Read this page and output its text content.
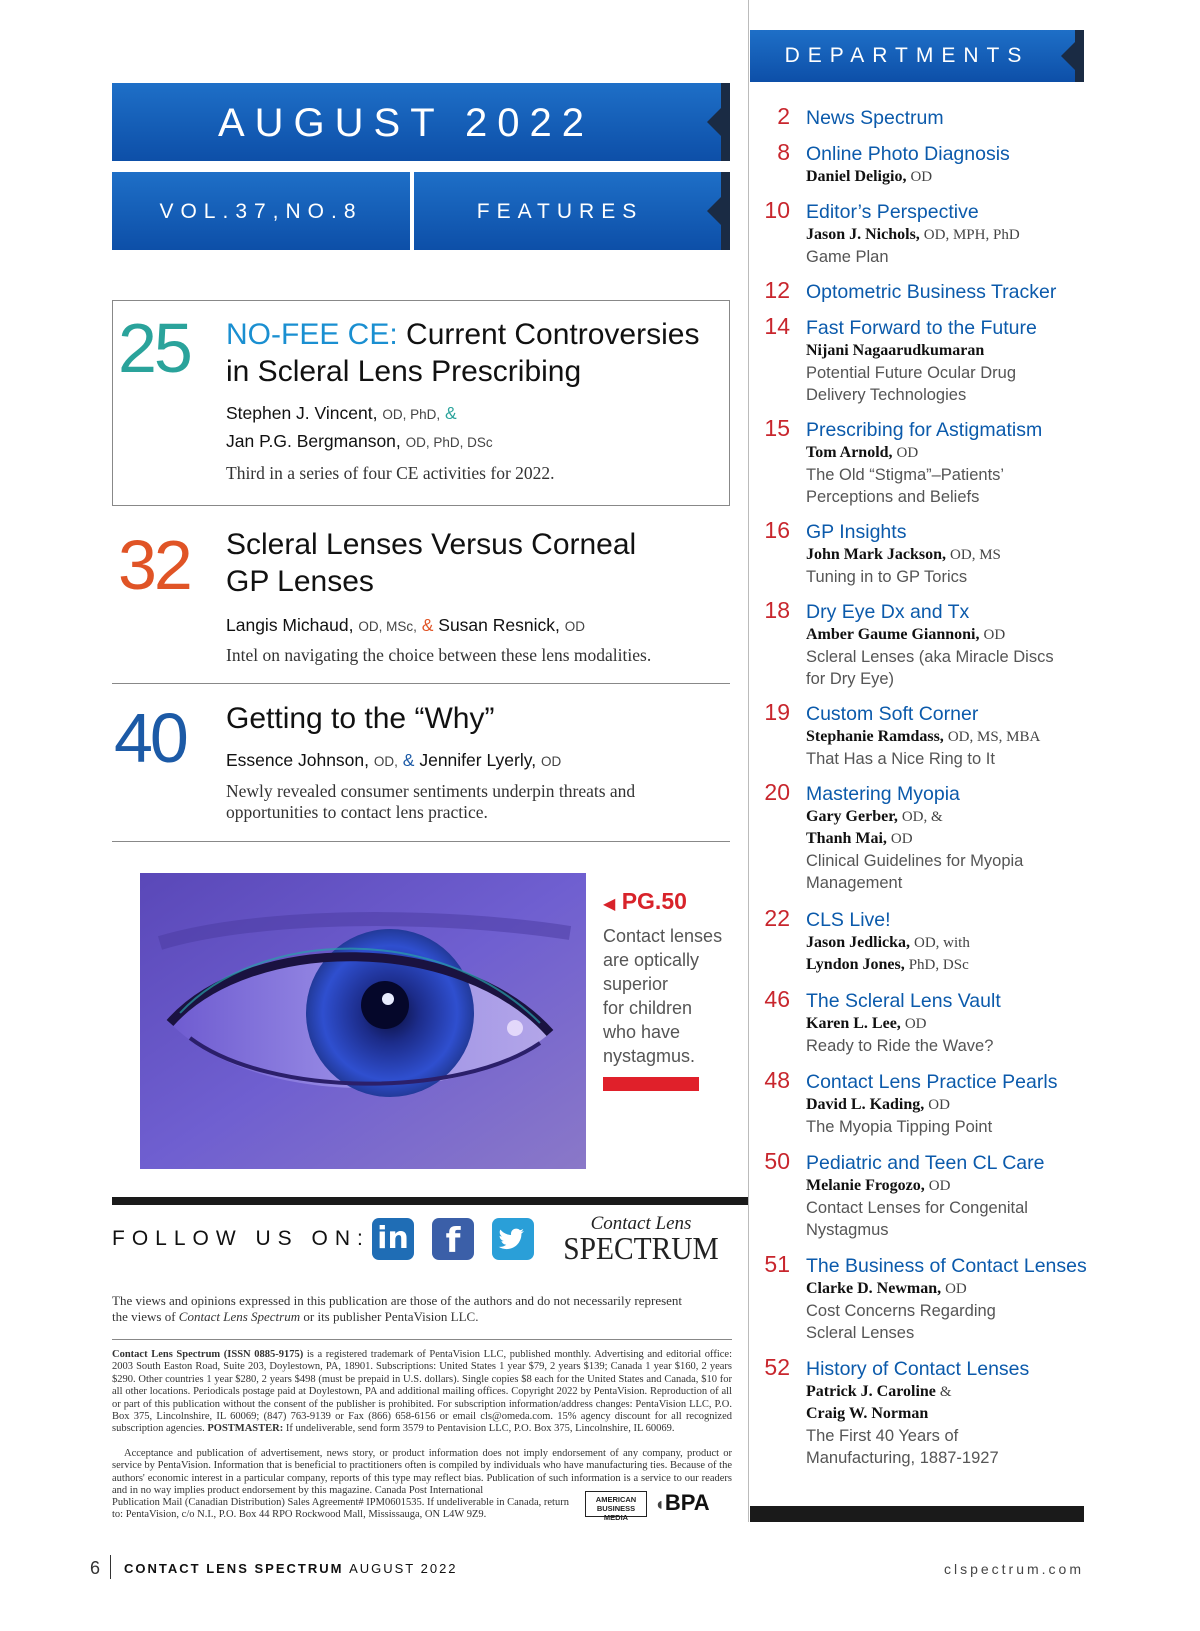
AUGUST 2022
VOL.37,NO.8	FEATURES
DEPARTMENTS
25 NO-FEE CE: Current Controversies
in Scleral Lens Prescribing
Stephen J. Vincent, OD, PhD, &
Jan P.G. Bergmanson, OD, PhD, DSc
Third in a series of four CE activities for 2022.
32 Scleral Lenses Versus Corneal
GP Lenses
Langis Michaud, OD, MSc, & Susan Resnick, OD
Intel on navigating the choice between these lens modalities.
40 Getting to the “Why”
Essence Johnson, OD, & Jennifer Lyerly, OD
Newly revealed consumer sentiments underpin threats and
opportunities to contact lens practice.
◀ PG.50
Contact lenses
are optically
superior
for children
who have
nystagmus.
FOLLOW US ON: in	f	Contact Lens
SPECTRUM
The views and opinions expressed in this publication are those of the authors and do not necessarily represent
the views of Contact Lens Spectrum or its publisher PentaVision LLC.
Contact Lens Spectrum (ISSN 0885-9175) is a registered trademark of PentaVision LLC, published monthly. Advertising and editorial office: 2003 South Easton Road, Suite 203, Doylestown, PA, 18901. Subscriptions: United States 1 year $79, 2 years $139; Canada 1 year $160, 2 years $290. Other countries 1 year $280, 2 years $498 (must be prepaid in U.S. dollars). Single copies $8 each for the United States and Canada, $10 for all other locations. Periodicals postage paid at Doylestown, PA and additional mailing offices. Copyright 2022 by PentaVision. Reproduction of all or part of this publication without the consent of the publisher is prohibited. For subscription information/address changes: PentaVision LLC, P.O. Box 375, Lincolnshire, IL 60069; (847) 763-9139 or Fax (866) 658-6156 or email cls@omeda.com. 15% agency discount for all recognized subscription agencies. POSTMASTER: If undeliverable, send form 3579 to Pentavision LLC, P.O. Box 375, Lincolnshire, IL 60069.
Acceptance and publication of advertisement, news story, or product information does not imply endorsement of any company, product or service by PentaVision. Information that is beneficial to practitioners often is compiled by individuals who have manufacturing ties. Because of the authors' economic interest in a particular company, reports of this type may reflect bias. Publication of such information is a service to our readers and in no way implies product endorsement by this magazine. Canada Post International
Publication Mail (Canadian Distribution) Sales Agreement# IPM0601535. If undeliverable in Canada, return to: PentaVision, c/o N.I., P.O. Box 44 RPO Rockwood Mall, Mississauga, ON L4W 9Z9.
AMERICAN BUSINESS MEDIA
◖BPA
6 CONTACT LENS SPECTRUM AUGUST 2022	clspectrum.com
2 News Spectrum
8 Online Photo Diagnosis
Daniel Deligio, OD
10 Editor’s Perspective
Jason J. Nichols, OD, MPH, PhD
Game Plan
12 Optometric Business Tracker
14 Fast Forward to the Future
Nijani Nagaarudkumaran
Potential Future Ocular Drug
Delivery Technologies
15 Prescribing for Astigmatism
Tom Arnold, OD
The Old “Stigma”–Patients’
Perceptions and Beliefs
16 GP Insights
John Mark Jackson, OD, MS
Tuning in to GP Torics
18 Dry Eye Dx and Tx
Amber Gaume Giannoni, OD
Scleral Lenses (aka Miracle Discs
for Dry Eye)
19 Custom Soft Corner
Stephanie Ramdass, OD, MS, MBA
That Has a Nice Ring to It
20 Mastering Myopia
Gary Gerber, OD, &
Thanh Mai, OD
Clinical Guidelines for Myopia
Management
22 CLS Live!
Jason Jedlicka, OD, with
Lyndon Jones, PhD, DSc
46 The Scleral Lens Vault
Karen L. Lee, OD
Ready to Ride the Wave?
48 Contact Lens Practice Pearls
David L. Kading, OD
The Myopia Tipping Point
50 Pediatric and Teen CL Care
Melanie Frogozo, OD
Contact Lenses for Congenital
Nystagmus
51 The Business of Contact Lenses
Clarke D. Newman, OD
Cost Concerns Regarding
Scleral Lenses
52 History of Contact Lenses
Patrick J. Caroline &
Craig W. Norman
The First 40 Years of
Manufacturing, 1887-1927
